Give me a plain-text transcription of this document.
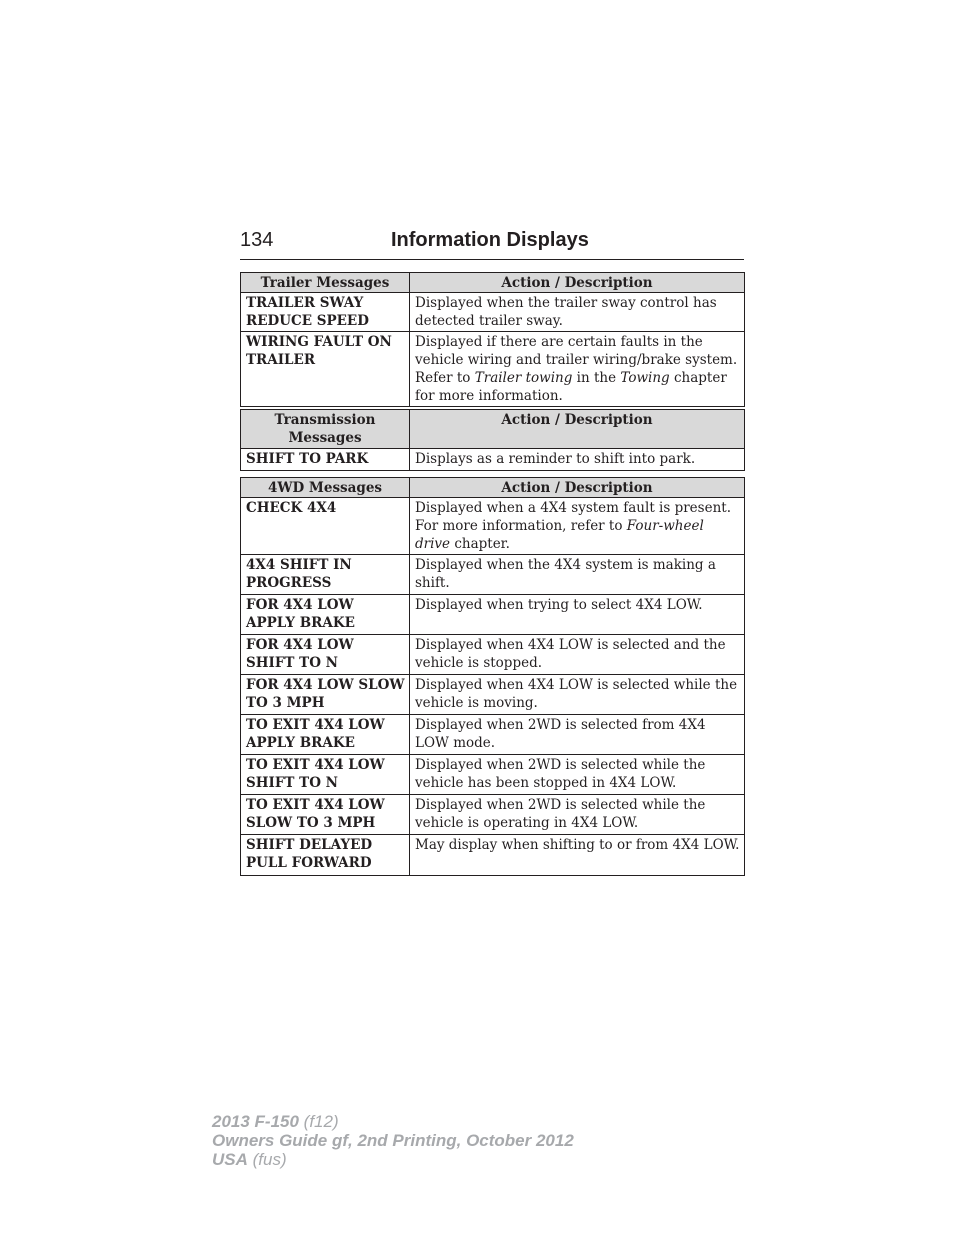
134	Information Displays
Trailer Messages	Action / Description
TRAILER SWAY REDUCE SPEED	Displayed when the trailer sway control has detected trailer sway.
WIRING FAULT ON TRAILER	Displayed if there are certain faults in the vehicle wiring and trailer wiring/brake system. Refer to Trailer towing in the Towing chapter for more information.
Transmission Messages	Action / Description
SHIFT TO PARK	Displays as a reminder to shift into park.
4WD Messages	Action / Description
CHECK 4X4	Displayed when a 4X4 system fault is present. For more information, refer to Four-wheel drive chapter.
4X4 SHIFT IN PROGRESS	Displayed when the 4X4 system is making a shift.
FOR 4X4 LOW APPLY BRAKE	Displayed when trying to select 4X4 LOW.
FOR 4X4 LOW SHIFT TO N	Displayed when 4X4 LOW is selected and the vehicle is stopped.
FOR 4X4 LOW SLOW TO 3 MPH	Displayed when 4X4 LOW is selected while the vehicle is moving.
TO EXIT 4X4 LOW APPLY BRAKE	Displayed when 2WD is selected from 4X4 LOW mode.
TO EXIT 4X4 LOW SHIFT TO N	Displayed when 2WD is selected while the vehicle has been stopped in 4X4 LOW.
TO EXIT 4X4 LOW SLOW TO 3 MPH	Displayed when 2WD is selected while the vehicle is operating in 4X4 LOW.
SHIFT DELAYED PULL FORWARD	May display when shifting to or from 4X4 LOW.
2013 F-150 (f12)
Owners Guide gf, 2nd Printing, October 2012
USA (fus)
